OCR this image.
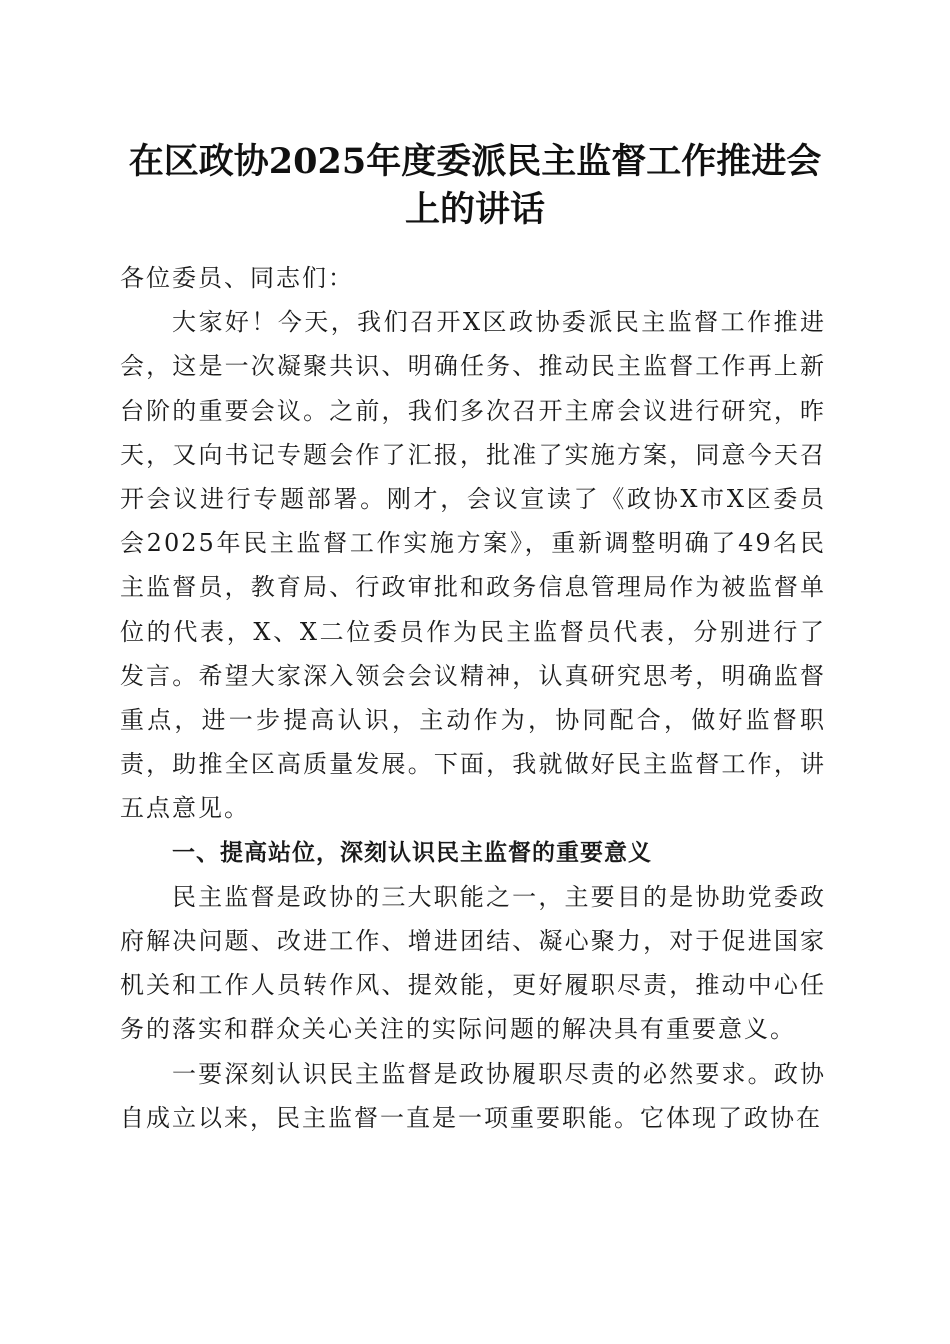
在区政协2025年度委派民主监督工作推进会
上的讲话

各位委员、同志们：

大家好！今天，我们召开X区政协委派民主监督工作推进会，这是一次凝聚共识、明确任务、推动民主监督工作再上新台阶的重要会议。之前，我们多次召开主席会议进行研究，昨天，又向书记专题会作了汇报，批准了实施方案，同意今天召开会议进行专题部署。刚才，会议宣读了《政协X市X区委员会2025年民主监督工作实施方案》，重新调整明确了49名民主监督员，教育局、行政审批和政务信息管理局作为被监督单位的代表，X、X二位委员作为民主监督员代表，分别进行了发言。希望大家深入领会会议精神，认真研究思考，明确监督重点，进一步提高认识，主动作为，协同配合，做好监督职责，助推全区高质量发展。下面，我就做好民主监督工作，讲五点意见。

一、提高站位，深刻认识民主监督的重要意义

民主监督是政协的三大职能之一，主要目的是协助党委政府解决问题、改进工作、增进团结、凝心聚力，对于促进国家机关和工作人员转作风、提效能，更好履职尽责，推动中心任务的落实和群众关心关注的实际问题的解决具有重要意义。

一要深刻认识民主监督是政协履职尽责的必然要求。政协自成立以来，民主监督一直是一项重要职能。它体现了政协在
